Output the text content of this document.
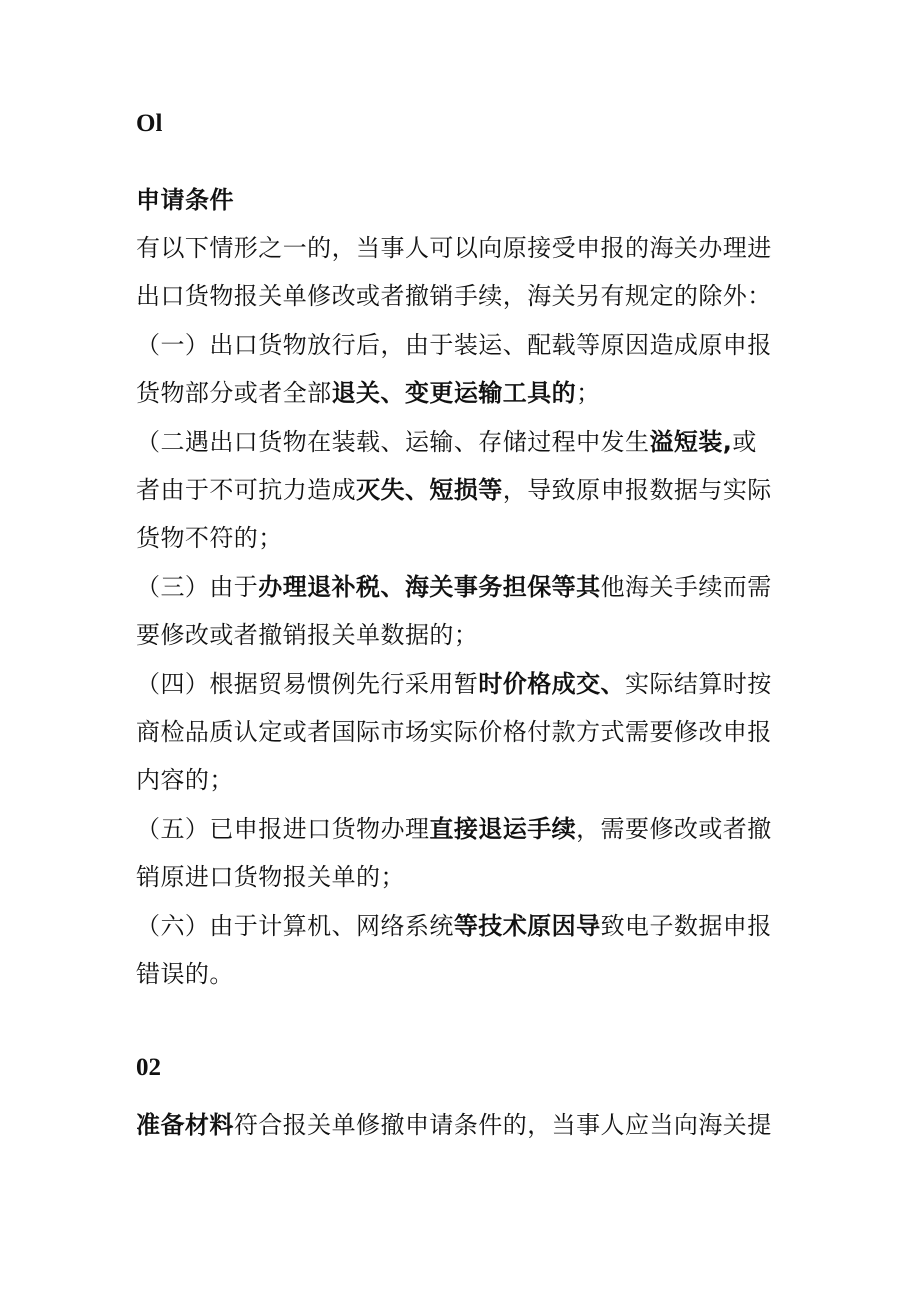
Ol

申请条件
有以下情形之一的，当事人可以向原接受申报的海关办理进
出口货物报关单修改或者撤销手续，海关另有规定的除外：
（一）出口货物放行后，由于装运、配载等原因造成原申报
货物部分或者全部退关、变更运输工具的；
（二遇出口货物在装载、运输、存储过程中发生溢短装,或
者由于不可抗力造成灭失、短损等，导致原申报数据与实际
货物不符的；
（三）由于办理退补税、海关事务担保等其他海关手续而需
要修改或者撤销报关单数据的；
（四）根据贸易惯例先行采用暂时价格成交、实际结算时按
商检品质认定或者国际市场实际价格付款方式需要修改申报
内容的；
（五）已申报进口货物办理直接退运手续，需要修改或者撤
销原进口货物报关单的；
（六）由于计算机、网络系统等技术原因导致电子数据申报
错误的。

02

准备材料符合报关单修撤申请条件的，当事人应当向海关提
